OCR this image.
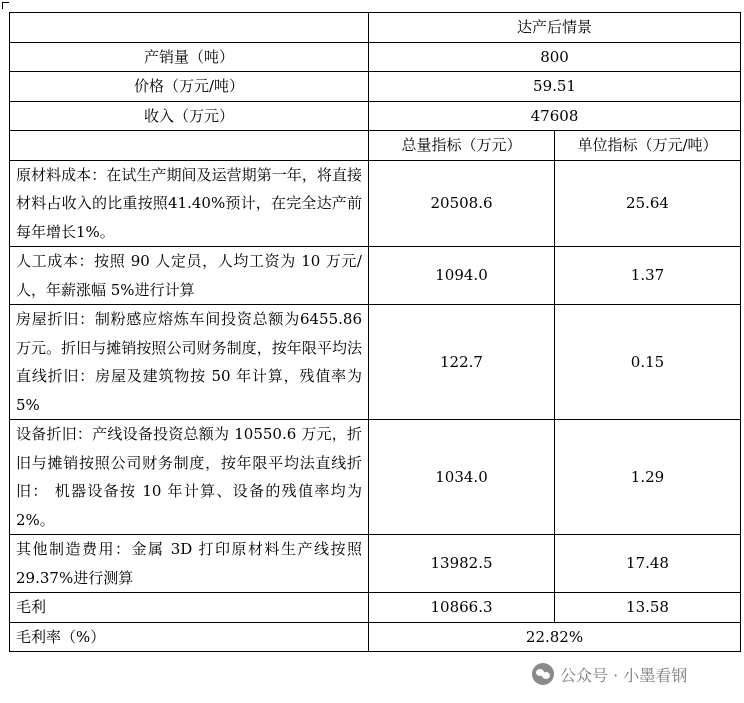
	达产后情景	
产销量（吨）	800	
价格（万元/吨）	59.51	
收入（万元）	47608	
	总量指标（万元）	单位指标（万元/吨）
原材料成本：在试生产期间及运营期第一年，将直接材料占收入的比重按照41.40%预计，在完全达产前每年增长1%。	20508.6	25.64
人工成本：按照 90 人定员，人均工资为 10 万元/人，年薪涨幅 5%进行计算	1094.0	1.37
房屋折旧：制粉感应熔炼车间投资总额为6455.86 万元。折旧与摊销按照公司财务制度，按年限平均法直线折旧：房屋及建筑物按 50 年计算，残值率为 5%	122.7	0.15
设备折旧：产线设备投资总额为 10550.6 万元，折旧与摊销按照公司财务制度，按年限平均法直线折旧： 机器设备按 10 年计算、设备的残值率均为 2%。	1034.0	1.29
其他制造费用：金属 3D 打印原材料生产线按照 29.37%进行测算	13982.5	17.48
毛利	10866.3	13.58
毛利率（%）	22.82%	
公众号 · 小墨看钢
